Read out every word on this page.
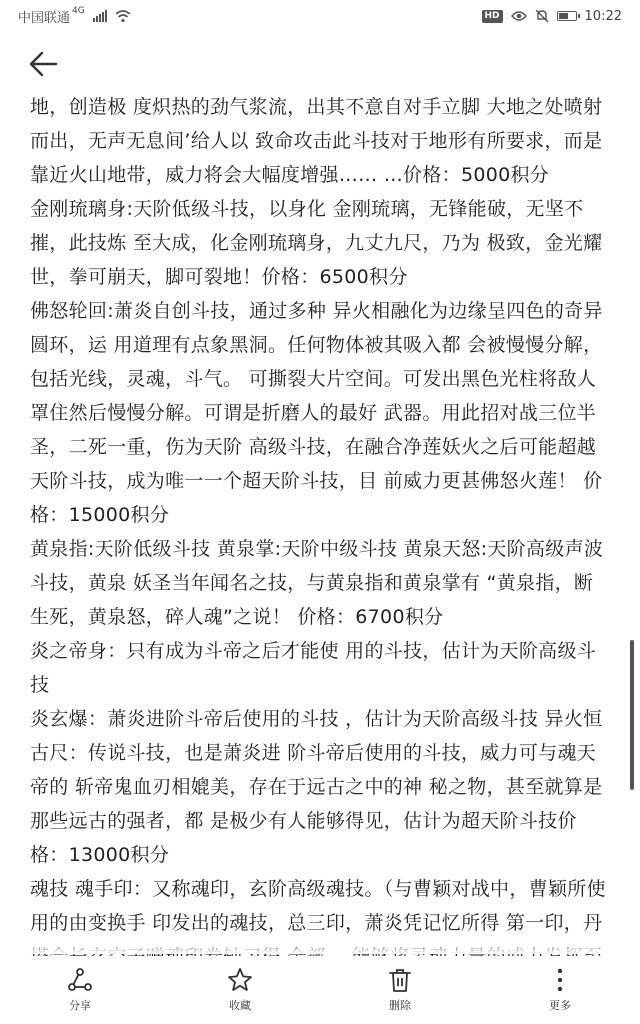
中国联通 4G	HD	10:22

地，创造极 度炽热的劲气浆流，出其不意自对手立脚 大地之处喷射而出，无声无息间’给人以 致命攻击此斗技对于地形有所要求，而是靠近火山地带，威力将会大幅度增强…… …价格：5000积分

金刚琉璃身:天阶低级斗技，以身化 金刚琉璃，无锋能破，无坚不摧，此技炼 至大成，化金刚琉璃身，九丈九尺，乃为 极致，金光耀世，拳可崩天，脚可裂地！价格：6500积分

佛怒轮回:萧炎自创斗技，通过多种 异火相融化为边缘呈四色的奇异圆环，运 用道理有点象黑洞。任何物体被其吸入都 会被慢慢分解，包括光线，灵魂，斗气。 可撕裂大片空间。可发出黑色光柱将敌人罩住然后慢慢分解。可谓是折磨人的最好 武器。用此招对战三位半圣，二死一重，伤为天阶 高级斗技，在融合净莲妖火之后可能超越天阶斗技，成为唯一一个超天阶斗技，目 前威力更甚佛怒火莲！ 价格：15000积分

黄泉指:天阶低级斗技 黄泉掌:天阶中级斗技 黄泉天怒:天阶高级声波斗技，黄泉 妖圣当年闻名之技，与黄泉指和黄泉掌有 “黄泉指，断生死，黄泉怒，碎人魂”之说！ 价格：6700积分

炎之帝身：只有成为斗帝之后才能使 用的斗技，估计为天阶高级斗技

炎玄爆：萧炎进阶斗帝后使用的斗技 ，估计为天阶高级斗技 异火恒古尺：传说斗技，也是萧炎进 阶斗帝后使用的斗技，威力可与魂天帝的 斩帝鬼血刃相媲美，存在于远古之中的神 秘之物，甚至就算是那些远古的强者，都 是极少有人能够得见，估计为超天阶斗技价格：13000积分

魂技 魂手印：又称魂印，玄阶高级魂技。（与曹颖对战中，曹颖所使用的由变换手 印发出的魂技，总三印，萧炎凭记忆所得 第一印，丹

分享	收藏	删除	更多
